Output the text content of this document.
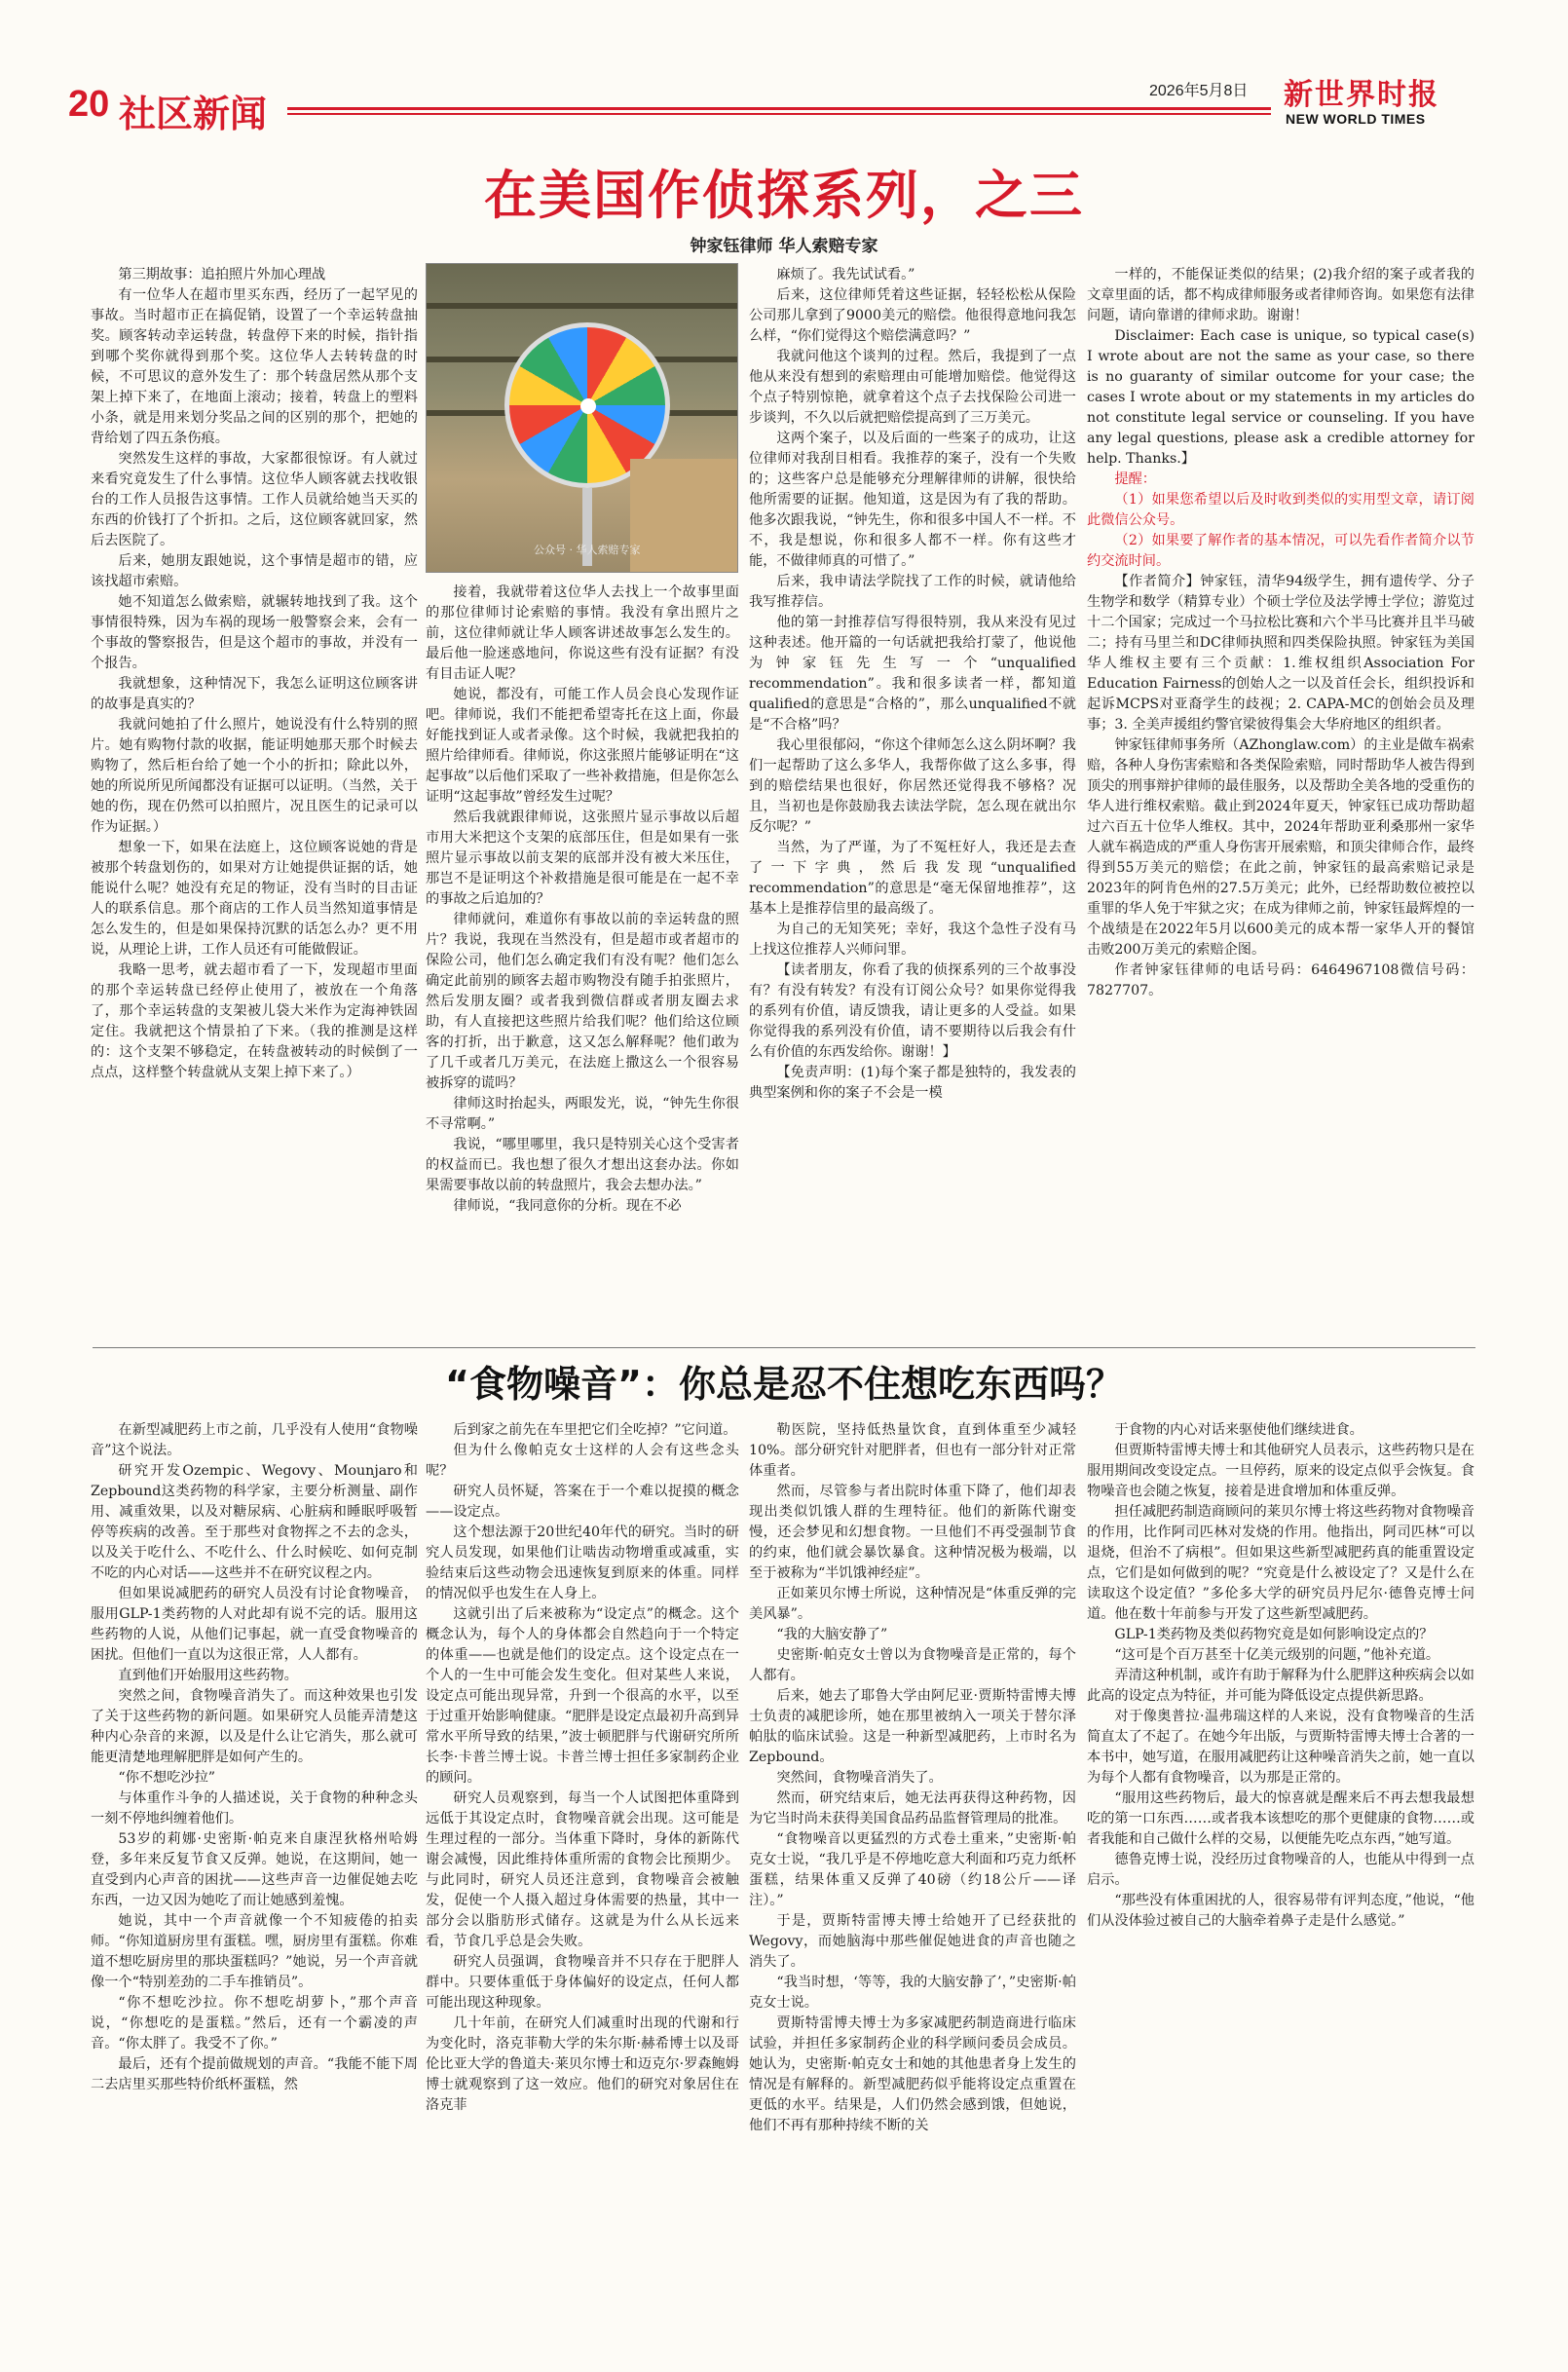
20 社区新闻
2026年5月8日 新世界时报
NEW WORLD TIMES
在美国作侦探系列，之三
钟家钰律师 华人索赔专家
公众号 · 华人索赔专家

第三期故事：追拍照片外加心理战

有一位华人在超市里买东西，经历了一起罕见的事故。当时超市正在搞促销，设置了一个幸运转盘抽奖。顾客转动幸运转盘，转盘停下来的时候，指针指到哪个奖你就得到那个奖。这位华人去转转盘的时候，不可思议的意外发生了：那个转盘居然从那个支架上掉下来了，在地面上滚动；接着，转盘上的塑料小条，就是用来划分奖品之间的区别的那个，把她的背给划了四五条伤痕。

突然发生这样的事故，大家都很惊讶。有人就过来看究竟发生了什么事情。这位华人顾客就去找收银台的工作人员报告这事情。工作人员就给她当天买的东西的价钱打了个折扣。之后，这位顾客就回家，然后去医院了。

后来，她朋友跟她说，这个事情是超市的错，应该找超市索赔。

她不知道怎么做索赔，就辗转地找到了我。这个事情很特殊，因为车祸的现场一般警察会来，会有一个事故的警察报告，但是这个超市的事故，并没有一个报告。

我就想象，这种情况下，我怎么证明这位顾客讲的故事是真实的？

我就问她拍了什么照片，她说没有什么特别的照片。她有购物付款的收据，能证明她那天那个时候去购物了，然后柜台给了她一个小的折扣；除此以外，她的所说所见所闻都没有证据可以证明。（当然，关于她的伤，现在仍然可以拍照片，况且医生的记录可以作为证据。）

想象一下，如果在法庭上，这位顾客说她的背是被那个转盘划伤的，如果对方让她提供证据的话，她能说什么呢？她没有充足的物证，没有当时的目击证人的联系信息。那个商店的工作人员当然知道事情是怎么发生的，但是如果保持沉默的话怎么办？更不用说，从理论上讲，工作人员还有可能做假证。

我略一思考，就去超市看了一下，发现超市里面的那个幸运转盘已经停止使用了，被放在一个角落了，那个幸运转盘的支架被儿袋大米作为定海神铁固定住。我就把这个情景拍了下来。（我的推测是这样的：这个支架不够稳定，在转盘被转动的时候倒了一点点，这样整个转盘就从支架上掉下来了。）

接着，我就带着这位华人去找上一个故事里面的那位律师讨论索赔的事情。我没有拿出照片之前，这位律师就让华人顾客讲述故事怎么发生的。最后他一脸迷惑地问，你说这些有没有证据？有没有目击证人呢？

她说，都没有，可能工作人员会良心发现作证吧。律师说，我们不能把希望寄托在这上面，你最好能找到证人或者录像。这个时候，我就把我拍的照片给律师看。律师说，你这张照片能够证明在“这起事故”以后他们采取了一些补救措施，但是你怎么证明“这起事故”曾经发生过呢？

然后我就跟律师说，这张照片显示事故以后超市用大米把这个支架的底部压住，但是如果有一张照片显示事故以前支架的底部并没有被大米压住，那岂不是证明这个补救措施是很可能是在一起不幸的事故之后追加的？

律师就问，难道你有事故以前的幸运转盘的照片？我说，我现在当然没有，但是超市或者超市的保险公司，他们怎么确定我们有没有呢？他们怎么确定此前别的顾客去超市购物没有随手拍张照片，然后发朋友圈？或者我到微信群或者朋友圈去求助，有人直接把这些照片给我们呢？他们给这位顾客的打折，出于歉意，这又怎么解释呢？他们敢为了几千或者几万美元，在法庭上撒这么一个很容易被拆穿的谎吗？

律师这时抬起头，两眼发光，说，“钟先生你很不寻常啊。”

我说，“哪里哪里，我只是特别关心这个受害者的权益而已。我也想了很久才想出这套办法。你如果需要事故以前的转盘照片，我会去想办法。”

律师说，“我同意你的分析。现在不必

麻烦了。我先试试看。”

后来，这位律师凭着这些证据，轻轻松松从保险公司那儿拿到了9000美元的赔偿。他很得意地问我怎么样，“你们觉得这个赔偿满意吗？”

我就问他这个谈判的过程。然后，我提到了一点他从来没有想到的索赔理由可能增加赔偿。他觉得这个点子特别惊艳，就拿着这个点子去找保险公司进一步谈判，不久以后就把赔偿提高到了三万美元。

这两个案子，以及后面的一些案子的成功，让这位律师对我刮目相看。我推荐的案子，没有一个失败的；这些客户总是能够充分理解律师的讲解，很快给他所需要的证据。他知道，这是因为有了我的帮助。他多次跟我说，“钟先生，你和很多中国人不一样。不不，我是想说，你和很多人都不一样。你有这些才能，不做律师真的可惜了。”

后来，我申请法学院找了工作的时候，就请他给我写推荐信。

他的第一封推荐信写得很特别，我从来没有见过这种表述。他开篇的一句话就把我给打蒙了，他说他为钟家钰先生写一个“unqualified recommendation”。我和很多读者一样，都知道qualified的意思是“合格的”，那么unqualified不就是“不合格”吗？

我心里很郁闷，“你这个律师怎么这么阴坏啊？我们一起帮助了这么多华人，我帮你做了这么多事，得到的赔偿结果也很好，你居然还觉得我不够格？况且，当初也是你鼓励我去读法学院，怎么现在就出尔反尔呢？”

当然，为了严谨，为了不冤枉好人，我还是去查了一下字典，然后我发现“unqualified recommendation”的意思是“毫无保留地推荐”，这基本上是推荐信里的最高级了。

为自己的无知笑死；幸好，我这个急性子没有马上找这位推荐人兴师问罪。

【读者朋友，你看了我的侦探系列的三个故事没有？有没有转发？有没有订阅公众号？如果你觉得我的系列有价值，请反馈我，请让更多的人受益。如果你觉得我的系列没有价值，请不要期待以后我会有什么有价值的东西发给你。谢谢！】

【免责声明：(1)每个案子都是独特的，我发表的典型案例和你的案子不会是一模

一样的，不能保证类似的结果；(2)我介绍的案子或者我的文章里面的话，都不构成律师服务或者律师咨询。如果您有法律问题，请向靠谱的律师求助。谢谢！

Disclaimer: Each case is unique, so typical case(s) I wrote about are not the same as your case, so there is no guaranty of similar outcome for your case; the cases I wrote about or my statements in my articles do not constitute legal service or counseling. If you have any legal questions, please ask a credible attorney for help. Thanks.】

提醒：

（1）如果您希望以后及时收到类似的实用型文章，请订阅此微信公众号。

（2）如果要了解作者的基本情况，可以先看作者简介以节约交流时间。

【作者简介】钟家钰，清华94级学生，拥有遗传学、分子生物学和数学（精算专业）个硕士学位及法学博士学位；游览过十二个国家；完成过一个马拉松比赛和六个半马比赛并且半马破二；持有马里兰和DC律师执照和四类保险执照。钟家钰为美国华人维权主要有三个贡献：1.维权组织Association For Education Fairness的创始人之一以及首任会长，组织投诉和起诉MCPS对亚裔学生的歧视；2. CAPA-MC的创始会员及理事；3. 全美声援组约警官梁彼得集会大华府地区的组织者。

钟家钰律师事务所（AZhonglaw.com）的主业是做车祸索赔，各种人身伤害索赔和各类保险索赔，同时帮助华人被告得到顶尖的刑事辩护律师的最佳服务，以及帮助全美各地的受重伤的华人进行维权索赔。截止到2024年夏天，钟家钰已成功帮助超过六百五十位华人维权。其中，2024年帮助亚利桑那州一家华人就车祸造成的严重人身伤害开展索赔，和顶尖律师合作，最终得到55万美元的赔偿；在此之前，钟家钰的最高索赔记录是2023年的阿肯色州的27.5万美元；此外，已经帮助数位被控以重罪的华人免于牢狱之灾；在成为律师之前，钟家钰最辉煌的一个战绩是在2022年5月以600美元的成本帮一家华人开的餐馆击败200万美元的索赔企图。

作者钟家钰律师的电话号码：6464967108微信号码：7827707。

“食物噪音”：你总是忍不住想吃东西吗？

在新型减肥药上市之前，几乎没有人使用“食物噪音”这个说法。

研究开发Ozempic、Wegovy、Mounjaro和Zepbound这类药物的科学家，主要分析测量、副作用、减重效果，以及对糖尿病、心脏病和睡眠呼吸暂停等疾病的改善。至于那些对食物挥之不去的念头，以及关于吃什么、不吃什么、什么时候吃、如何克制不吃的内心对话——这些并不在研究议程之内。

但如果说减肥药的研究人员没有讨论食物噪音，服用GLP-1类药物的人对此却有说不完的话。服用这些药物的人说，从他们记事起，就一直受食物噪音的困扰。但他们一直以为这很正常，人人都有。

直到他们开始服用这些药物。

突然之间，食物噪音消失了。而这种效果也引发了关于这些药物的新问题。如果研究人员能弄清楚这种内心杂音的来源，以及是什么让它消失，那么就可能更清楚地理解肥胖是如何产生的。

“你不想吃沙拉”

与体重作斗争的人描述说，关于食物的种种念头一刻不停地纠缠着他们。

53岁的莉娜·史密斯·帕克来自康涅狄格州哈姆登，多年来反复节食又反弹。她说，在这期间，她一直受到内心声音的困扰——这些声音一边催促她去吃东西，一边又因为她吃了而让她感到羞愧。

她说，其中一个声音就像一个不知疲倦的拍卖师。“你知道厨房里有蛋糕。嘿，厨房里有蛋糕。你难道不想吃厨房里的那块蛋糕吗？”她说，另一个声音就像一个“特别差劲的二手车推销员”。

“你不想吃沙拉。你不想吃胡萝卜，”那个声音说，“你想吃的是蛋糕。”然后，还有一个霸凌的声音。“你太胖了。我受不了你。”

最后，还有个提前做规划的声音。“我能不能下周二去店里买那些特价纸杯蛋糕，然

后到家之前先在车里把它们全吃掉？”它问道。

但为什么像帕克女士这样的人会有这些念头呢？

研究人员怀疑，答案在于一个难以捉摸的概念——设定点。

这个想法源于20世纪40年代的研究。当时的研究人员发现，如果他们让啮齿动物增重或减重，实验结束后这些动物会迅速恢复到原来的体重。同样的情况似乎也发生在人身上。

这就引出了后来被称为“设定点”的概念。这个概念认为，每个人的身体都会自然趋向于一个特定的体重——也就是他们的设定点。这个设定点在一个人的一生中可能会发生变化。但对某些人来说，设定点可能出现异常，升到一个很高的水平，以至于过重开始影响健康。“肥胖是设定点最初升高到异常水平所导致的结果，”波士顿肥胖与代谢研究所所长李·卡普兰博士说。卡普兰博士担任多家制药企业的顾问。

研究人员观察到，每当一个人试图把体重降到远低于其设定点时，食物噪音就会出现。这可能是生理过程的一部分。当体重下降时，身体的新陈代谢会减慢，因此维持体重所需的食物会比预期少。与此同时，研究人员还注意到，食物噪音会被触发，促使一个人摄入超过身体需要的热量，其中一部分会以脂肪形式储存。这就是为什么从长远来看，节食几乎总是会失败。

研究人员强调，食物噪音并不只存在于肥胖人群中。只要体重低于身体偏好的设定点，任何人都可能出现这种现象。

几十年前，在研究人们减重时出现的代谢和行为变化时，洛克菲勒大学的朱尔斯·赫希博士以及哥伦比亚大学的鲁道夫·莱贝尔博士和迈克尔·罗森鲍姆博士就观察到了这一效应。他们的研究对象居住在洛克菲

勒医院，坚持低热量饮食，直到体重至少减轻10%。部分研究针对肥胖者，但也有一部分针对正常体重者。

然而，尽管参与者出院时体重下降了，他们却表现出类似饥饿人群的生理特征。他们的新陈代谢变慢，还会梦见和幻想食物。一旦他们不再受强制节食的约束，他们就会暴饮暴食。这种情况极为极端，以至于被称为“半饥饿神经症”。

正如莱贝尔博士所说，这种情况是“体重反弹的完美风暴”。

“我的大脑安静了”

史密斯·帕克女士曾以为食物噪音是正常的，每个人都有。

后来，她去了耶鲁大学由阿尼亚·贾斯特雷博夫博士负责的减肥诊所，她在那里被纳入一项关于替尔泽帕肽的临床试验。这是一种新型减肥药，上市时名为Zepbound。

突然间，食物噪音消失了。

然而，研究结束后，她无法再获得这种药物，因为它当时尚未获得美国食品药品监督管理局的批准。

“食物噪音以更猛烈的方式卷土重来，”史密斯·帕克女士说，“我几乎是不停地吃意大利面和巧克力纸杯蛋糕，结果体重又反弹了40磅（约18公斤——译注）。”

于是，贾斯特雷博夫博士给她开了已经获批的Wegovy，而她脑海中那些催促她进食的声音也随之消失了。

“我当时想，‘等等，我的大脑安静了’，”史密斯·帕克女士说。

贾斯特雷博夫博士为多家减肥药制造商进行临床试验，并担任多家制药企业的科学顾问委员会成员。她认为，史密斯·帕克女士和她的其他患者身上发生的情况是有解释的。新型减肥药似乎能将设定点重置在更低的水平。结果是，人们仍然会感到饿，但她说，他们不再有那种持续不断的关

于食物的内心对话来驱使他们继续进食。

但贾斯特雷博夫博士和其他研究人员表示，这些药物只是在服用期间改变设定点。一旦停药，原来的设定点似乎会恢复。食物噪音也会随之恢复，接着是进食增加和体重反弹。

担任减肥药制造商顾问的莱贝尔博士将这些药物对食物噪音的作用，比作阿司匹林对发烧的作用。他指出，阿司匹林“可以退烧，但治不了病根”。但如果这些新型减肥药真的能重置设定点，它们是如何做到的呢？“究竟是什么被设定了？又是什么在读取这个设定值？”多伦多大学的研究员丹尼尔·德鲁克博士问道。他在数十年前参与开发了这些新型减肥药。

GLP-1类药物及类似药物究竟是如何影响设定点的？

“这可是个百万甚至十亿美元级别的问题，”他补充道。

弄清这种机制，或许有助于解释为什么肥胖这种疾病会以如此高的设定点为特征，并可能为降低设定点提供新思路。

对于像奥普拉·温弗瑞这样的人来说，没有食物噪音的生活简直太了不起了。在她今年出版，与贾斯特雷博夫博士合著的一本书中，她写道，在服用减肥药让这种噪音消失之前，她一直以为每个人都有食物噪音，以为那是正常的。

“服用这些药物后，最大的惊喜就是醒来后不再去想我最想吃的第一口东西……或者我本该想吃的那个更健康的食物……或者我能和自己做什么样的交易，以便能先吃点东西，”她写道。

德鲁克博士说，没经历过食物噪音的人，也能从中得到一点启示。

“那些没有体重困扰的人，很容易带有评判态度，”他说，“他们从没体验过被自己的大脑牵着鼻子走是什么感觉。”
